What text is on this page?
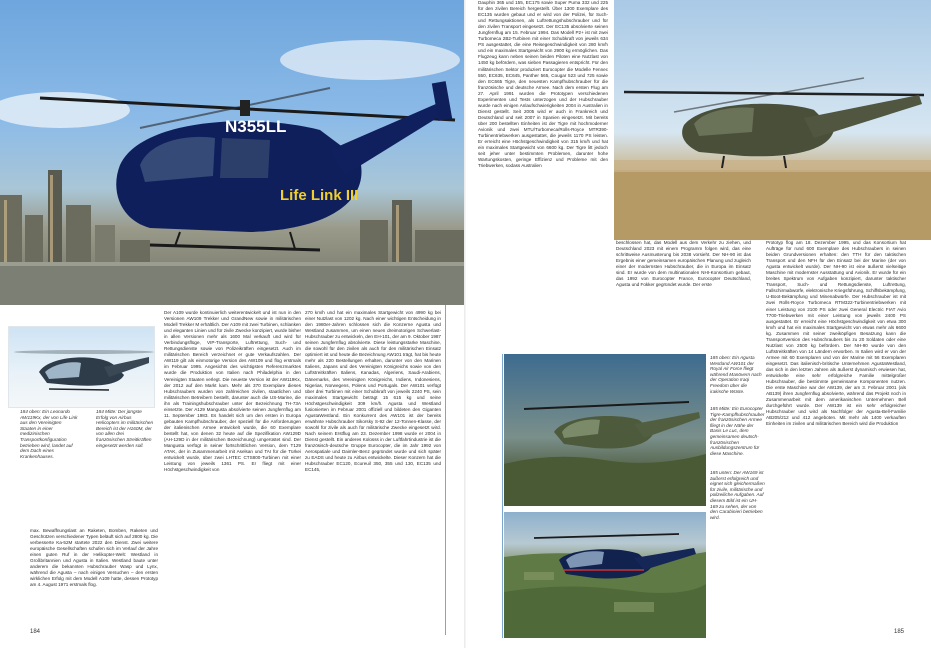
N355LL
Life Link III
184 oben: Ein Leonardo AW119Kx, der von Life Link aus den Vereinigten Staaten in einer medizinischen Transportkonfiguration betrieben wird, landet auf dem Dach eines Krankenhauses.
184 Mitte: Der jüngste Erfolg von Airbus Helicopters im militärischen Bereich ist der H160M, der von allen drei französischen Streitkräften eingesetzt werden soll.
max. Bewaffnungslast an Raketen, Bomben, Raketen und Geschützen verschiedener Typen beläuft sich auf 2800 kg. Die verbesserte Ka-52M startete 2022 den Dienst. Zwei weitere europäische Gesellschaften schufen sich im Verlauf der Jahre einen guten Ruf in der Helikopter-Welt: Westland in Großbritannien und Agusta in Italien. Westland baute unter anderem die bekannten Hubschrauber Wasp und Lynx, während die Agusta – nach einigen Versuchen – den ersten wirklichen Erfolg mit dem Modell A109 hatte, dessen Prototyp am 4. August 1971 erstmals flog.
Der A109 wurde kontinuierlich weiterentwickelt und ist nun in den Versionen AW109 Trekker und GrandNew sowie in militärischen Modell Trekker M erhältlich. Der A109 mit zwei Turbinen, schlanken und eleganten Linien und für zivile Zwecke konzipiert, wurde bisher in allen Versionen mehr als 1600 Mal verkauft und wird für Verbindungsflüge, VIP-Transporte, Luftrettung, Such- und Rettungsdienste sowie von Polizeikräften eingesetzt. Auch im militärischen Bereich verzeichnet er gute Verkaufszahlen. Der AW119 gilt als einmotorige Version des AW109 und flog erstmals im Februar 1995. Angesichts des wichtigsten Referenzmarktes wurde die Produktion von Italien nach Philadelphia in den Vereinigten Staaten verlegt. Die neueste Version ist der AW119Kx, der 2012 auf den Markt kam. Mehr als 370 Exemplare dieses Hubschraubers wurden von zahlreichen zivilen, staatlichen und militärischen Betreibern bestellt, darunter auch die US-Marine, die ihn als Trainingshubschrauber unter der Bezeichnung TH-73A einsetzte. Der A129 Mangusta absolvierte seinen Jungfernflug am 11. September 1983. Es handelt sich um den ersten in Europa gebauten Kampfhubschrauber, der speziell für die Anforderungen der italienischen Armee entwickelt wurde, die 60 Exemplare bestellt hat, von denen 32 heute auf die Spezifikation AW129D (AH-129D in der militärischen Bezeichnung) umgerüstet sind. Der Mangusta verfügt in seiner fortschrittlichen Version, dem T129 ATAK, der in Zusammenarbeit mit Aselsan und TAI für die Türkei entwickelt wurde, über zwei LHTEC CTS800-Turbinen mit einer Leistung von jeweils 1361 PS. Er fliegt mit einer Höchstgeschwindigkeit von
270 km/h und hat ein maximales Startgewicht von 4990 kg bei einer Nutzlast von 1202 kg. Nach einer wichtigen Entscheidung in den 1980er-Jahren schlossen sich die Konzerne Agusta und Westland zusammen, um einen neuen dreimotorigen Schwerlast-Hubschrauber zu entwickeln, den EH-101, der am 9. Oktober 1987 seinen Jungfernflug absolvierte. Diese leistungsstarke Maschine, die sowohl für den zivilen als auch für den militärischen Einsatz optimiert ist und heute die Bezeichnung AW101 trägt, hat bis heute mehr als 220 Bestellungen erhalten, darunter von den Marinen Italiens, Japans und des Vereinigten Königreichs sowie von den Luftstreitkräften Italiens, Kanadas, Algeriens, Saudi-Arabiens, Dänemarks, des Vereinigten Königreichs, Indiens, Indonesiens, Nigerias, Norwegens, Polens und Portugals. Der AW101 verfügt über drei Turbinen mit einer Schubkraft von jeweils 2240 PS, sein maximales Startgewicht beträgt 15 615 kg und seine Höchstgeschwindigkeit 309 km/h. Agusta und Westland fusionierten im Februar 2001 offiziell und bildeten den Giganten AgustaWestland. Ein Konkurrent des AW101 ist der bereits erwähnte Hubschrauber Sikorsky S-92 der 12-Tonnen-Klasse, der sowohl für zivile als auch für militärische Zwecke eingesetzt wird. Nach seinem Erstflug am 23. Dezember 1998 wurde er 2004 in Dienst gestellt. Ein anderes Kolosss in der Luftfahrtindustrie ist die französisch-deutsche Gruppe Eurocopter, die im Jahr 1992 von Aerospatiale und Daimler-Benz gegründet wurde und sich später zu EADS und heute zu Airbus entwickelte. Dieser Konzern hat die Hubschrauber EC120, Ecureuil 350, 355 und 130, EC135 und EC145,
184
Dauphin 365 und 155, EC175 sowie Super Puma 332 und 225 für den zivilen Bereich hergestellt. Über 1300 Exemplare des EC135 wurden gebaut und er wird von der Polizei, für Such- und Rettungsaktionen, als Luftrettungshubschrauber und für den zivilen Transport eingesetzt. Der EC135 absolvierte seinen Jungfernflug am 15. Februar 1994. Das Modell P2+ ist mit zwei Turbomeca 2B2-Turbinen mit einer Schubkraft von jeweils 634 PS ausgestattet, die eine Reisegeschwindigkeit von 280 km/h und ein maximales Startgewicht von 2900 kg ermöglichen. Das Flugzeug kann neben seinen beiden Piloten eine Nutzlast von 1450 kg befördern, was sieben Passagieren entspricht. Für den militärischen Sektor produziert Eurocopter die Modelle Fennec 550, EC635, EC645, Panther 565, Cougar 523 und 725 sowie den EC665 Tigre, den neuesten Kampfhubschrauber für die französische und deutsche Armee. Nach dem ersten Flug am 27. April 1991 wurden die Prototypen verschiedenen Experimenten und Tests unterzogen und der Hubschrauber wurde nach einigen Anlaufschwierigkeiten 2004 in Australien in Dienst gestellt. Seit 2005 wird er auch in Frankreich und Deutschland und seit 2007 in Spanien eingesetzt. Mit bereits über 200 bestellten Einheiten ist der Tigre mit hochmoderner Avionik und zwei MTU/Turbomeca/Rolls-Royce MTR390-Turbinentriebwerken ausgestattet, die jeweils 1170 PS leisten. Er erreicht eine Höchstgeschwindigkeit von 315 km/h und hat ein maximales Startgewicht von 6600 kg. Der Tigre litt jedoch seit jeher unter bestimmten Problemen, darunter hohe Wartungskosten, geringe Effizienz und Probleme mit den Triebwerken, sodass Australien
beschlossen hat, das Modell aus dem Verkehr zu ziehen, und Deutschland 2023 mit einem Programm folgen wird, das eine schrittweise Ausmusterung bis 2038 vorsieht. Der NH-90 ist das Ergebnis einer gemeinsamen europäischen Planung und zugleich einer der modernsten Hubschrauber, die in Europa im Einsatz sind. Er wurde von dem multinationalen NHI-Konsortium gebaut, das 1992 von Eurocopter France, Eurocopter Deutschland, Agusta und Fokker gegründet wurde. Der erste
Prototyp flog am 18. Dezember 1995, und das Konsortium hat Aufträge für rund 600 Exemplare des Hubschraubers in seinen beiden Grundversionen erhalten: den TTH für den taktischen Transport und den NFH für den Einsatz bei der Marine (der von Agusta entwickelt wurde). Der NH-90 ist eine äußerst vielseitige Maschine mit modernster Ausstattung und Avionik. Er wurde für ein breites Spektrum von Aufgaben konzipiert, darunter taktischer Transport, Such- und Rettungsdienste, Luftrettung, Fallschirmabwürfe, elektronische Kriegsführung, Schiffsbekämpfung, U-Boot-Bekämpfung und Minenabwürfe. Der Hubschrauber ist mit zwei Rolls-Royce Turbomeca RTM322-Turbinentriebwerken mit einer Leistung von 2100 PS oder zwei General Electric FIAT Avio T700-Triebwerken mit einer Leistung von jeweils 2400 PS ausgestattet. Er erreicht eine Höchstgeschwindigkeit von etwa 300 km/h und hat ein maximales Startgewicht von etwas mehr als 6600 kg. Zusammen mit seiner zweiköpfigen Besatzung kann die Transportversion des Hubschraubers bis zu 20 Soldaten oder eine Nutzlast von 2500 kg befördern. Der NH-90 wurde von den Luftstreitkräften von 14 Ländern erworben. In Italien wird er von der Armee mit 60 Exemplaren und von der Marine mit 56 Exemplaren eingesetzt. Das italienisch-britische Unternehmen AgustaWestland, das sich in den letzten Jahren als äußerst dynamisch erwiesen hat, entwickelte eine sehr erfolgreiche Familie mittelgroßer Hubschrauber, die bestimmte gemeinsame Komponenten nutzen. Die erste Maschine war der AW139, der am 3. Februar 2001 (als AB139) ihren Jungfernflug absolvierte, während das Projekt noch in Zusammenarbeit mit dem amerikanischen Unternehmen Bell durchgeführt wurde. Der AW139 ist ein sehr erfolgreicher Hubschrauber und wird als Nachfolger der Agusta-Bell-Familie AB205/212 und 412 angeboten. Mit mehr als 1400 verkauften Einheiten im zivilen und militärischen Bereich wird die Produktion
185 oben: Ein Agusta Westland AW101 der Royal Air Force fliegt während Manövern nach der Operation Iraqi Freedom über die irakische Wüste.
185 Mitte: Ein Eurocopter Tigre-Kampfhubschrauber der französischen Armee fliegt in der Nähe der Basis Le Luc, dem gemeinsamen deutsch-französischen Ausbildungszentrum für diese Maschine.
185 unten: Der AW169 ist äußerst erfolgreich und eignet sich gleichermaßen für zivile, militärische und polizeiliche Aufgaben. Auf diesem Bild ist ein UH-169 zu sehen, der von den Carabinieri betrieben wird.
185
